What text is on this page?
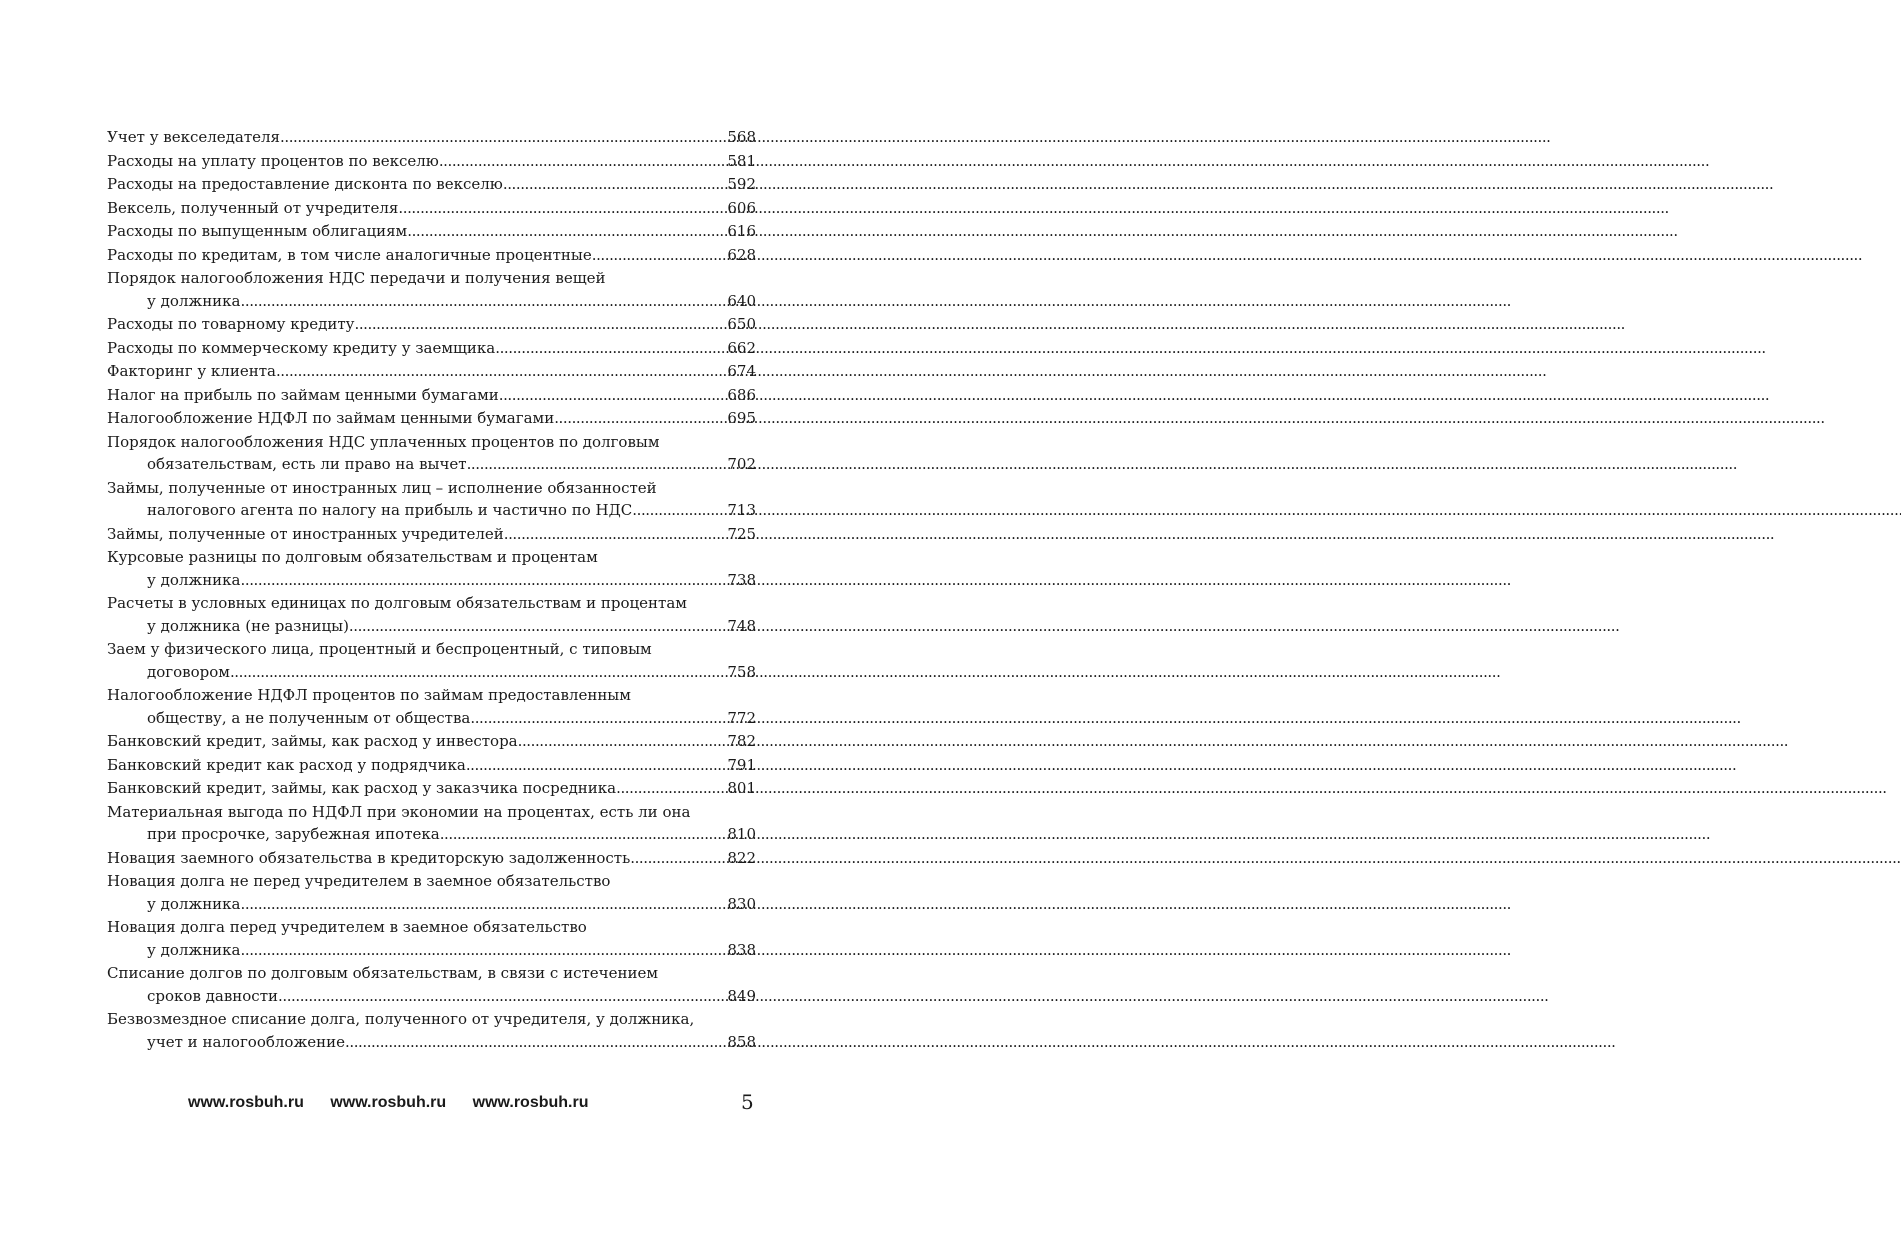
Учет у векселедателя . . .	568
Расходы на уплату процентов по векселю . . .	581
Расходы на предоставление дисконта по векселю . . .	592
Вексель, полученный от учредителя . . .	606
Расходы по выпущенным облигациям . . .	616
Расходы по кредитам, в том числе аналогичные процентные . . .	628
Порядок налогообложения НДС передачи и получения вещей
у должника . . .	640
Расходы по товарному кредиту . . .	650
Расходы по коммерческому кредиту у заемщика . . .	662
Факторинг у клиента . . .	674
Налог на прибыль по займам ценными бумагами . . .	686
Налогообложение НДФЛ по займам ценными бумагами . . .	695
Порядок налогообложения НДС уплаченных процентов по долговым
обязательствам, есть ли право на вычет . . .	702
Займы, полученные от иностранных лиц – исполнение обязанностей
налогового агента по налогу на прибыль и частично по НДС . . .	713
Займы, полученные от иностранных учредителей . . .	725
Курсовые разницы по долговым обязательствам и процентам
у должника . . .	738
Расчеты в условных единицах по долговым обязательствам и процентам
у должника (не разницы) . . .	748
Заем у физического лица, процентный и беспроцентный, с типовым
договором . . .	758
Налогообложение НДФЛ процентов по займам предоставленным
обществу, а не полученным от общества . . .	772
Банковский кредит, займы, как расход у инвестора . . .	782
Банковский кредит как расход у подрядчика . . .	791
Банковский кредит, займы, как расход у заказчика посредника . . .	801
Материальная выгода по НДФЛ при экономии на процентах, есть ли она
при просрочке, зарубежная ипотека . . .	810
Новация заемного обязательства в кредиторскую задолженность . . .	822
Новация долга не перед учредителем в заемное обязательство
у должника . . .	830
Новация долга перед учредителем в заемное обязательство
у должника . . .	838
Списание долгов по долговым обязательствам, в связи с истечением
сроков давности . . .	849
Безвозмездное списание долга, полученного от учредителя, у должника,
учет и налогообложение . . .	858
www.rosbuh.ru www.rosbuh.ru www.rosbuh.ru	5
